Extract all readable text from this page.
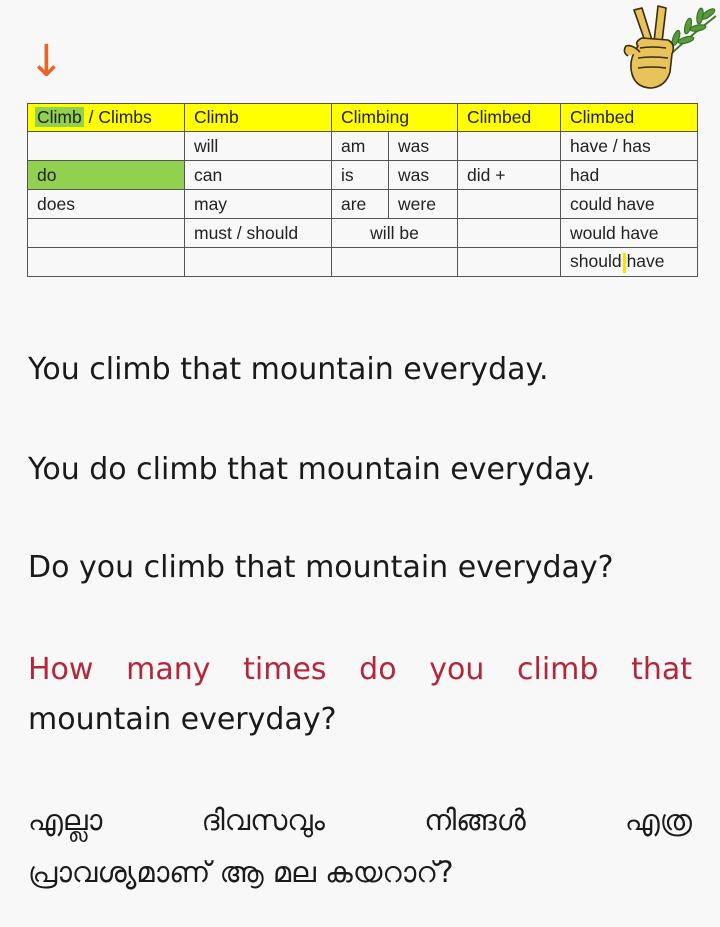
↓
Climb / Climbs	Climb	Climbing		Climbed	Climbed
	will	am	was		have / has
do	can	is	was	did +	had
does	may	are	were		could have
	must / should	will be			would have
					should have
You climb that mountain everyday.
You do climb that mountain everyday.
Do you climb that mountain everyday?
How many times do you climb that
mountain everyday?
എല്ലാ ദിവസവും നിങ്ങൾ എത്ര
പ്രാവശ്യമാണ് ആ മല കയറാറ്?
